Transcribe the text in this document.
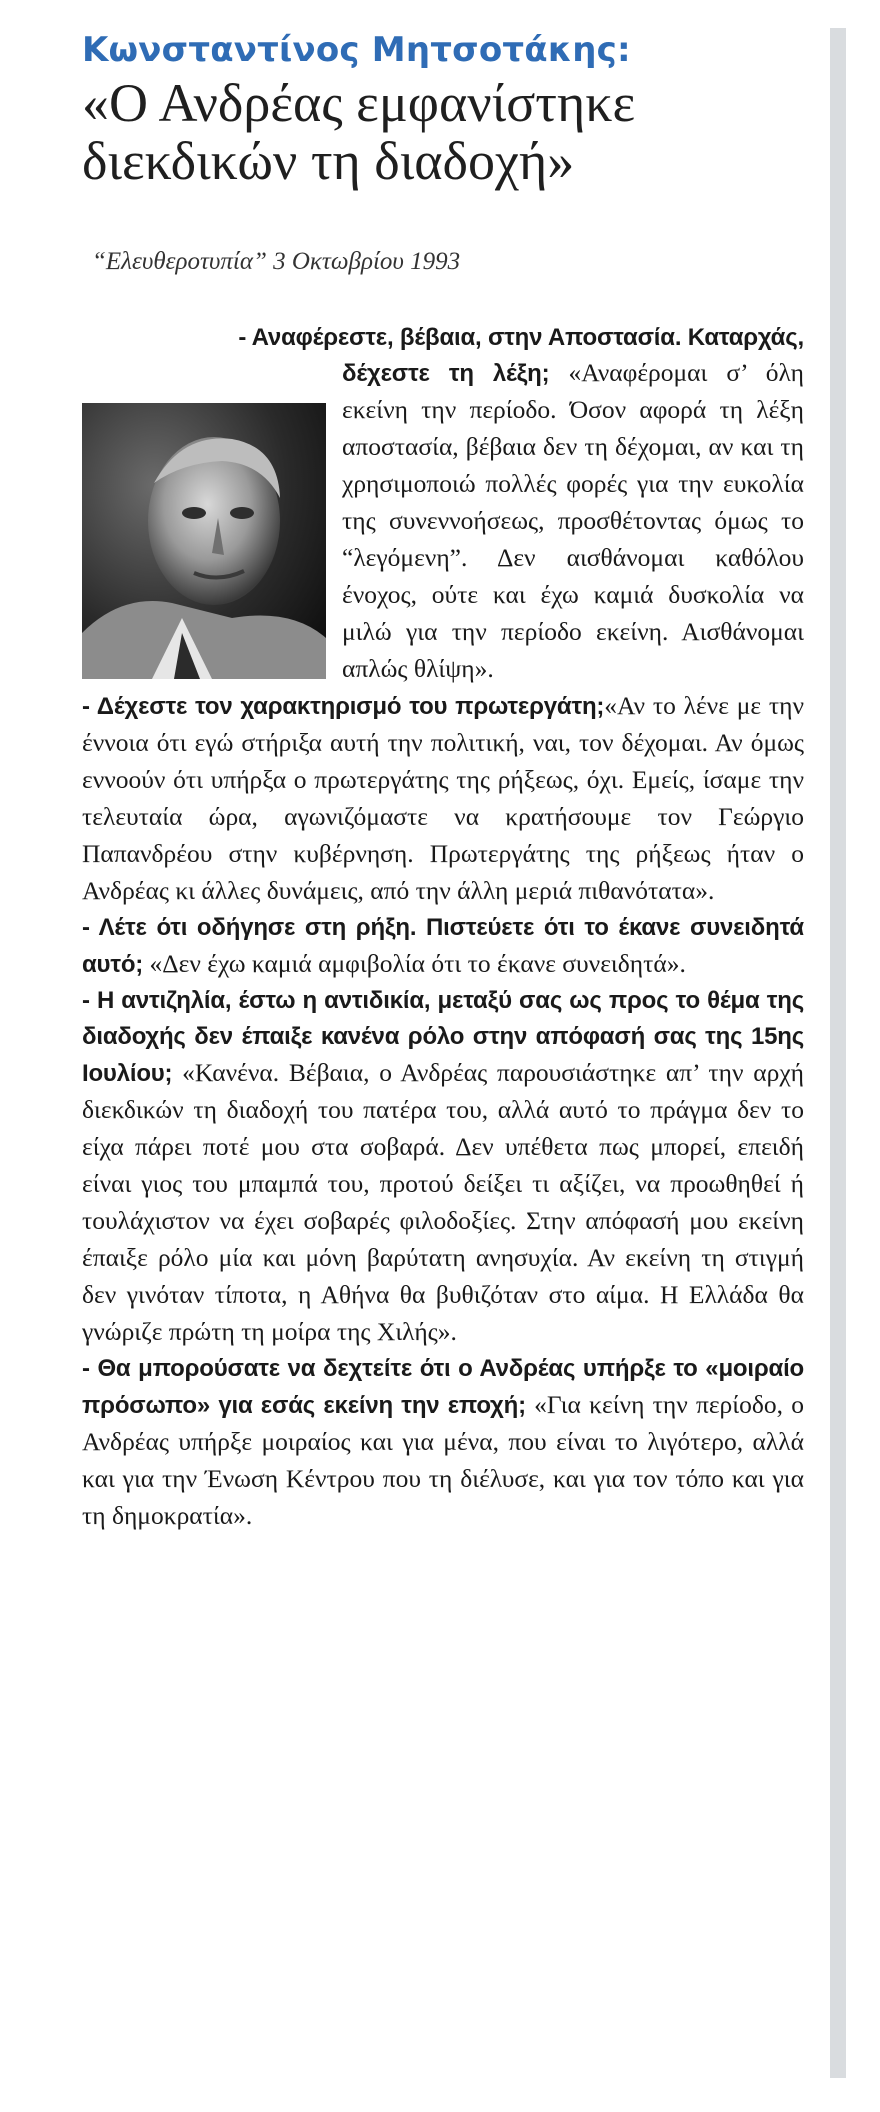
Κωνσταντίνος Μητσοτάκης:
«Ο Ανδρέας εμφανίστηκε διεκδικών τη διαδοχή»
“Ελευθεροτυπία” 3 Οκτωβρίου 1993

- Αναφέρεστε, βέβαια, στην Αποστασία. Καταρχάς,
δέχεστε τη λέξη; «Αναφέρομαι σ’ όλη εκείνη την περίοδο. Όσον αφορά τη λέξη αποστασία, βέβαια δεν τη δέχομαι, αν και τη χρησιμοποιώ πολλές φορές για την ευκολία της συνεννοήσεως, προσθέτοντας όμως το “λεγόμενη”. Δεν αισθάνομαι καθόλου ένοχος, ούτε και έχω καμιά δυσκολία να μιλώ για την περίοδο εκείνη. Αισθάνομαι απλώς θλίψη».

- Δέχεστε τον χαρακτηρισμό του πρωτεργάτη;«Αν το λένε με την έννοια ότι εγώ στήριξα αυτή την πολιτική, ναι, τον δέχομαι. Αν όμως εννοούν ότι υπήρξα ο πρωτεργάτης της ρήξεως, όχι. Εμείς, ίσαμε την τελευταία ώρα, αγωνιζόμαστε να κρατήσουμε τον Γεώργιο Παπανδρέου στην κυβέρνηση. Πρωτεργάτης της ρήξεως ήταν ο Ανδρέας κι άλλες δυνάμεις, από την άλλη μεριά πιθανότατα».

- Λέτε ότι οδήγησε στη ρήξη. Πιστεύετε ότι το έκανε συνειδητά αυτό; «Δεν έχω καμιά αμφιβολία ότι το έκανε συνειδητά».

- Η αντιζηλία, έστω η αντιδικία, μεταξύ σας ως προς το θέμα της διαδοχής δεν έπαιξε κανένα ρόλο στην απόφασή σας της 15ης Ιουλίου; «Κανένα. Βέβαια, ο Ανδρέας παρουσιάστηκε απ’ την αρχή διεκδικών τη διαδοχή του πατέρα του, αλλά αυτό το πράγμα δεν το είχα πάρει ποτέ μου στα σοβαρά. Δεν υπέθετα πως μπορεί, επειδή είναι γιος του μπαμπά του, προτού δείξει τι αξίζει, να προωθηθεί ή τουλάχιστον να έχει σοβαρές φιλοδοξίες. Στην απόφασή μου εκείνη έπαιξε ρόλο μία και μόνη βαρύτατη ανησυχία. Αν εκείνη τη στιγμή δεν γινόταν τίποτα, η Αθήνα θα βυθιζόταν στο αίμα. Η Ελλάδα θα γνώριζε πρώτη τη μοίρα της Χιλής».

- Θα μπορούσατε να δεχτείτε ότι ο Ανδρέας υπήρξε το «μοιραίο πρόσωπο» για εσάς εκείνη την εποχή; «Για κείνη την περίοδο, ο Ανδρέας υπήρξε μοιραίος και για μένα, που είναι το λιγότερο, αλλά και για την Ένωση Κέντρου που τη διέλυσε, και για τον τόπο και για τη δημοκρατία».
